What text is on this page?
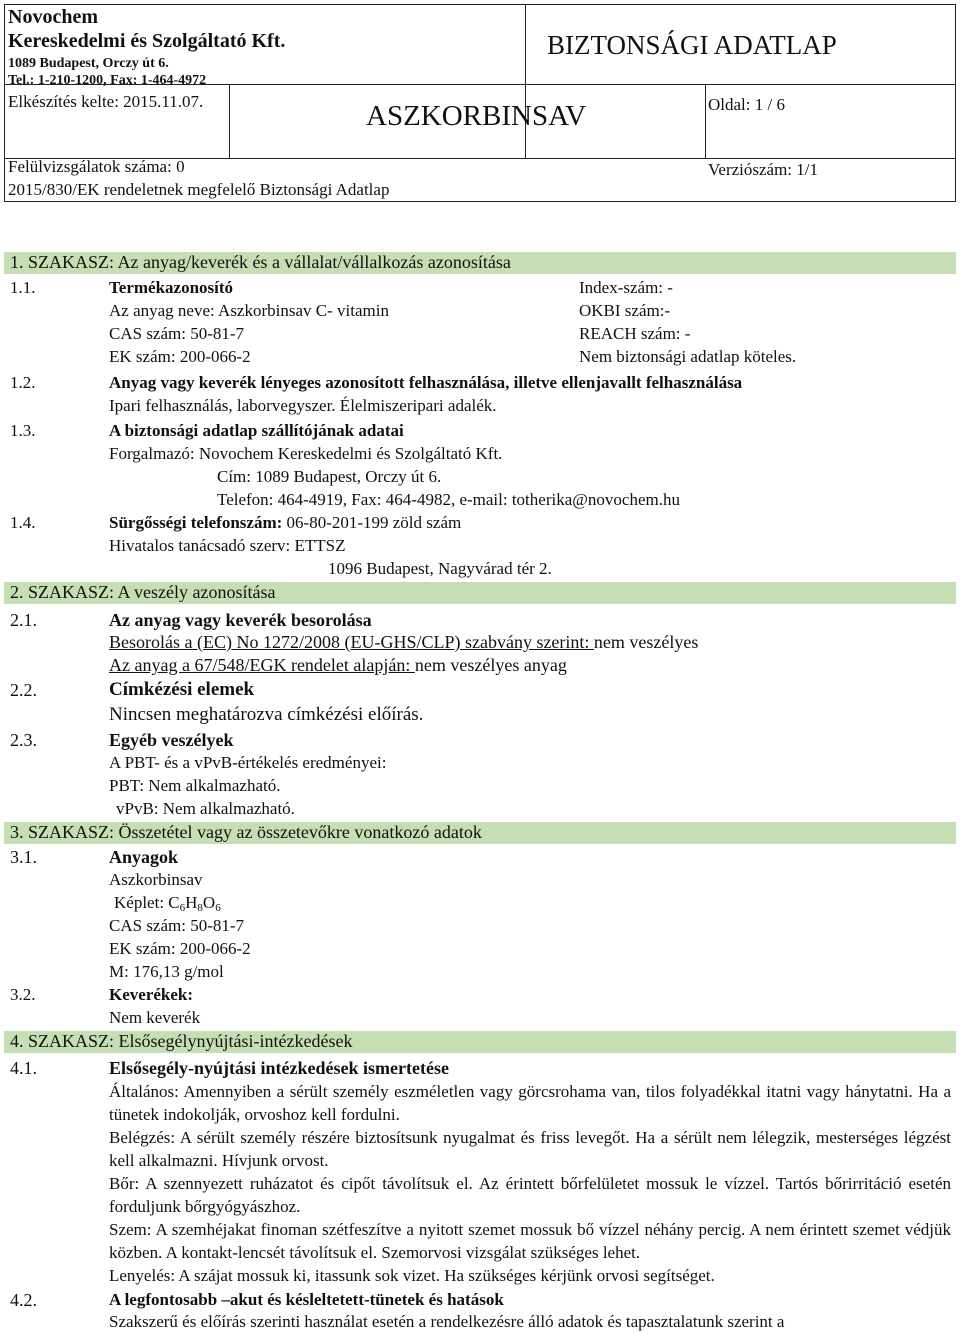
Novochem
Kereskedelmi és Szolgáltató Kft.
1089 Budapest, Orczy út 6.
Tel.: 1-210-1200, Fax: 1-464-4972
Elkészítés kelte: 2015.11.07.
Felülvizsgálatok száma: 0
2015/830/EK rendeletnek megfelelő Biztonsági Adatlap
BIZTONSÁGI ADATLAP
ASZKORBINSAV	Oldal: 1 / 6
Verziószám: 1/1
1. SZAKASZ: Az anyag/keverék és a vállalat/vállalkozás azonosítása
1.1.	Termékazonosító
Az anyag neve: Aszkorbinsav C- vitamin
CAS szám: 50-81-7
EK szám: 200-066-2
Index-szám: -
OKBI szám:-
REACH szám: -
Nem biztonsági adatlap köteles.
1.2.	Anyag vagy keverék lényeges azonosított felhasználása, illetve ellenjavallt felhasználása
Ipari felhasználás, laborvegyszer. Élelmiszeripari adalék.
1.3.	A biztonsági adatlap szállítójának adatai
Forgalmazó: Novochem Kereskedelmi és Szolgáltató Kft.
Cím: 1089 Budapest, Orczy út 6.
Telefon: 464-4919, Fax: 464-4982, e-mail: totherika@novochem.hu
1.4.	Sürgősségi telefonszám: 06-80-201-199 zöld szám
Hivatalos tanácsadó szerv: ETTSZ
1096 Budapest, Nagyvárad tér 2.
2. SZAKASZ: A veszély azonosítása
2.1.	Az anyag vagy keverék besorolása
Besorolás a (EC) No 1272/2008 (EU-GHS/CLP) szabvány szerint: nem veszélyes
Az anyag a 67/548/EGK rendelet alapján: nem veszélyes anyag
2.2.	Címkézési elemek
Nincsen meghatározva címkézési előírás.
2.3.	Egyéb veszélyek
A PBT- és a vPvB-értékelés eredményei:
PBT: Nem alkalmazható.
vPvB: Nem alkalmazható.
3. SZAKASZ: Összetétel vagy az összetevőkre vonatkozó adatok
3.1.	Anyagok
Aszkorbinsav
Képlet: $C_6H_8O_6$
CAS szám: 50-81-7
EK szám: 200-066-2
M: 176,13 g/mol
3.2.	Keverékek:
Nem keverék
4. SZAKASZ: Elsősegélynyújtási-intézkedések
4.1.	Elsősegély-nyújtási intézkedések ismertetése
Általános: Amennyiben a sérült személy eszméletlen vagy görcsrohama van, tilos folyadékkal itatni vagy hánytatni. Ha a tünetek indokolják, orvoshoz kell fordulni.
Belégzés: A sérült személy részére biztosítsunk nyugalmat és friss levegőt. Ha a sérült nem lélegzik, mesterséges légzést kell alkalmazni. Hívjunk orvost.
Bőr: A szennyezett ruházatot és cipőt távolítsuk el. Az érintett bőrfelületet mossuk le vízzel. Tartós bőrirritáció esetén forduljunk bőrgyógyászhoz.
Szem: A szemhéjakat finoman szétfeszítve a nyitott szemet mossuk bő vízzel néhány percig. A nem érintett szemet védjük közben. A kontakt-lencsét távolítsuk el. Szemorvosi vizsgálat szükséges lehet.
Lenyelés: A szájat mossuk ki, itassunk sok vizet. Ha szükséges kérjünk orvosi segítséget.
4.2.	A legfontosabb –akut és késleltetett-tünetek és hatások
Szakszerű és előírás szerinti használat esetén a rendelkezésre álló adatok és tapasztalatunk szerint a
